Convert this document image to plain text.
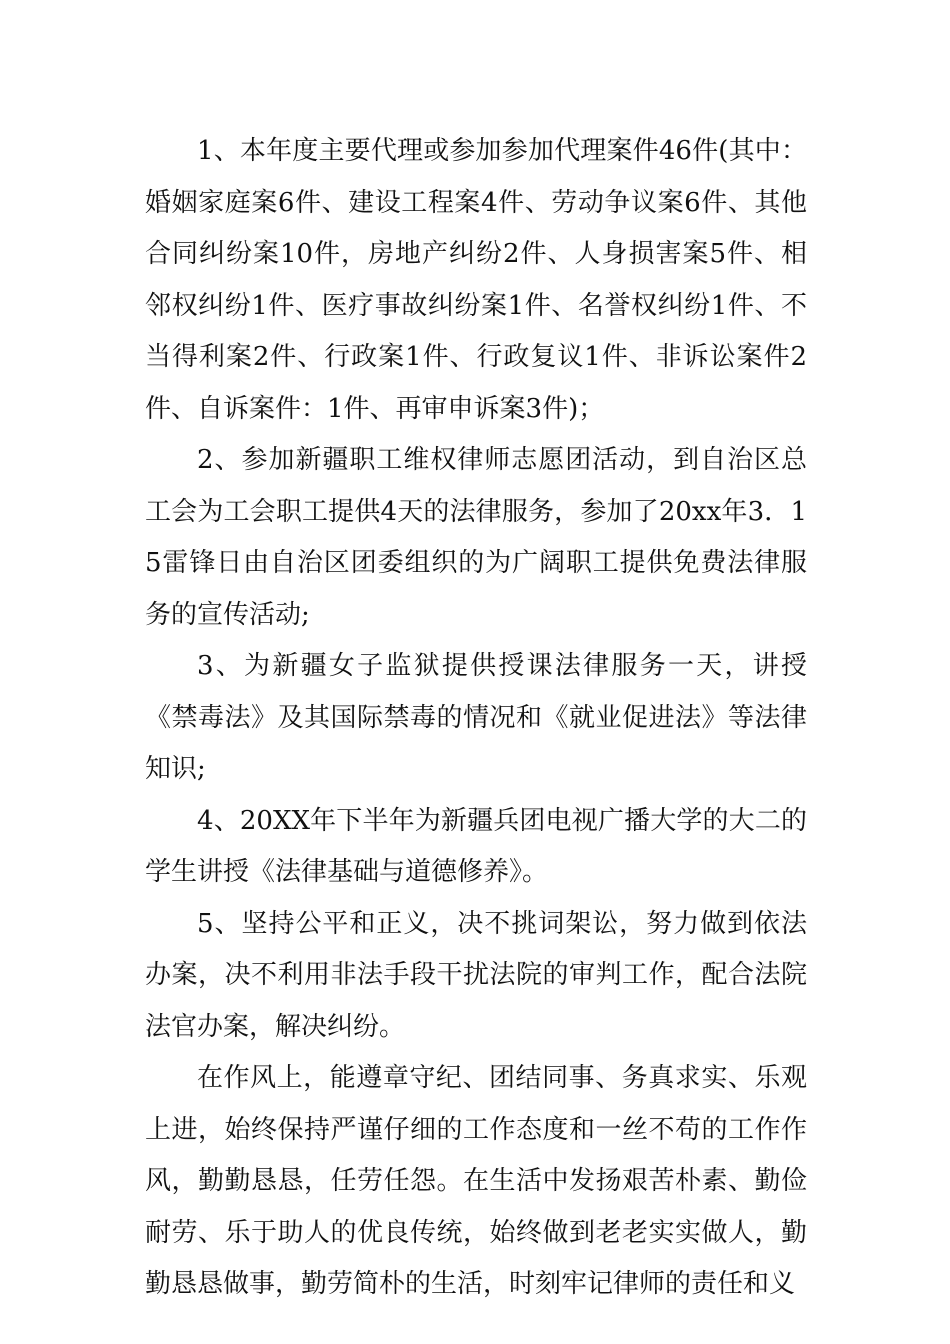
1、本年度主要代理或参加参加代理案件46件(其中：婚姻家庭案6件、建设工程案4件、劳动争议案6件、其他合同纠纷案10件，房地产纠纷2件、人身损害案5件、相邻权纠纷1件、医疗事故纠纷案1件、名誉权纠纷1件、不当得利案2件、行政案1件、行政复议1件、非诉讼案件2件、自诉案件：1件、再审申诉案3件)；

2、参加新疆职工维权律师志愿团活动，到自治区总工会为工会职工提供4天的法律服务，参加了20xx年3．15雷锋日由自治区团委组织的为广阔职工提供免费法律服务的宣传活动;

3、为新疆女子监狱提供授课法律服务一天，讲授《禁毒法》及其国际禁毒的情况和《就业促进法》等法律知识;

4、20XX年下半年为新疆兵团电视广播大学的大二的学生讲授《法律基础与道德修养》。

5、坚持公平和正义，决不挑词架讼，努力做到依法办案，决不利用非法手段干扰法院的审判工作，配合法院法官办案，解决纠纷。

在作风上，能遵章守纪、团结同事、务真求实、乐观上进，始终保持严谨仔细的工作态度和一丝不苟的工作作风，勤勤恳恳，任劳任怨。在生活中发扬艰苦朴素、勤俭耐劳、乐于助人的优良传统，始终做到老老实实做人，勤勤恳恳做事，勤劳简朴的生活，时刻牢记律师的责任和义
